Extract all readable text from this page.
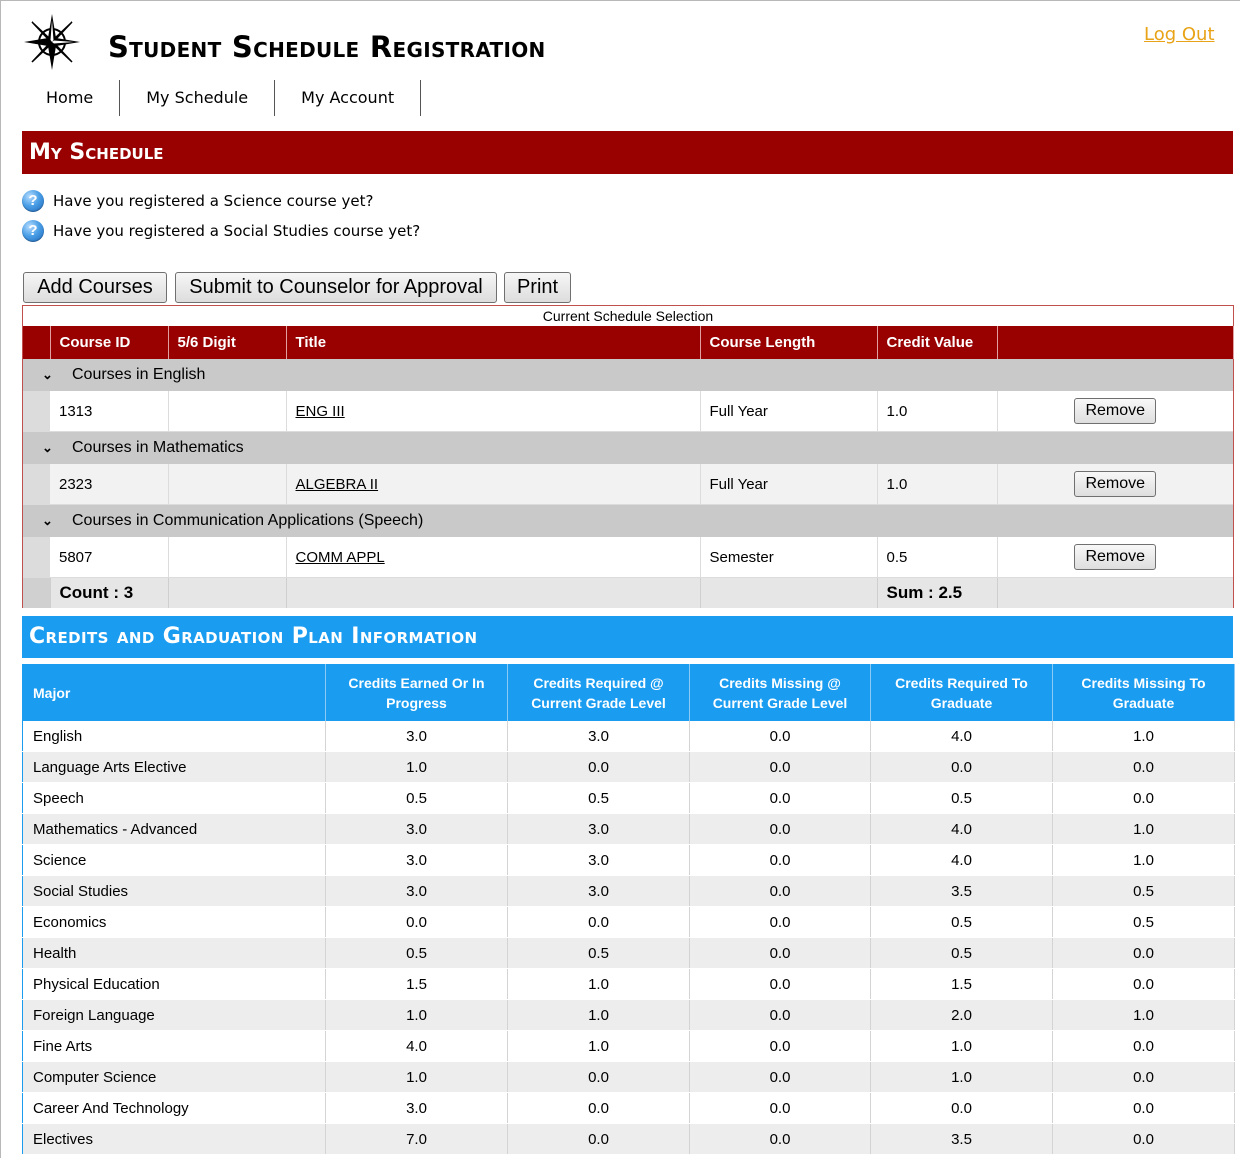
Student Schedule Registration	Log Out
Home	My Schedule	My Account
My Schedule
?	Have you registered a Science course yet?
?	Have you registered a Social Studies course yet?
Add Courses	Submit to Counselor for Approval	Print
Current Schedule Selection
	Course ID	5/6 Digit	Title	Course Length	Credit Value	

⌄ Courses in English						

	1313		ENG III	Full Year	1.0	Remove

⌄ Courses in Mathematics						

	2323		ALGEBRA II	Full Year	1.0	Remove

⌄ Courses in Communication Applications (Speech)						

	5807		COMM APPL	Semester	0.5	Remove
	Count : 3				Sum : 2.5	
Credits and Graduation Plan Information
Major	Credits Earned Or In Progress	Credits Required @ Current Grade Level	Credits Missing @ Current Grade Level	Credits Required To Graduate	Credits Missing To Graduate
English	3.0	3.0	0.0	4.0	1.0
Language Arts Elective	1.0	0.0	0.0	0.0	0.0
Speech	0.5	0.5	0.0	0.5	0.0
Mathematics - Advanced	3.0	3.0	0.0	4.0	1.0
Science	3.0	3.0	0.0	4.0	1.0
Social Studies	3.0	3.0	0.0	3.5	0.5
Economics	0.0	0.0	0.0	0.5	0.5
Health	0.5	0.5	0.0	0.5	0.0
Physical Education	1.5	1.0	0.0	1.5	0.0
Foreign Language	1.0	1.0	0.0	2.0	1.0
Fine Arts	4.0	1.0	0.0	1.0	0.0
Computer Science	1.0	0.0	0.0	1.0	0.0
Career And Technology	3.0	0.0	0.0	0.0	0.0
Electives	7.0	0.0	0.0	3.5	0.0
